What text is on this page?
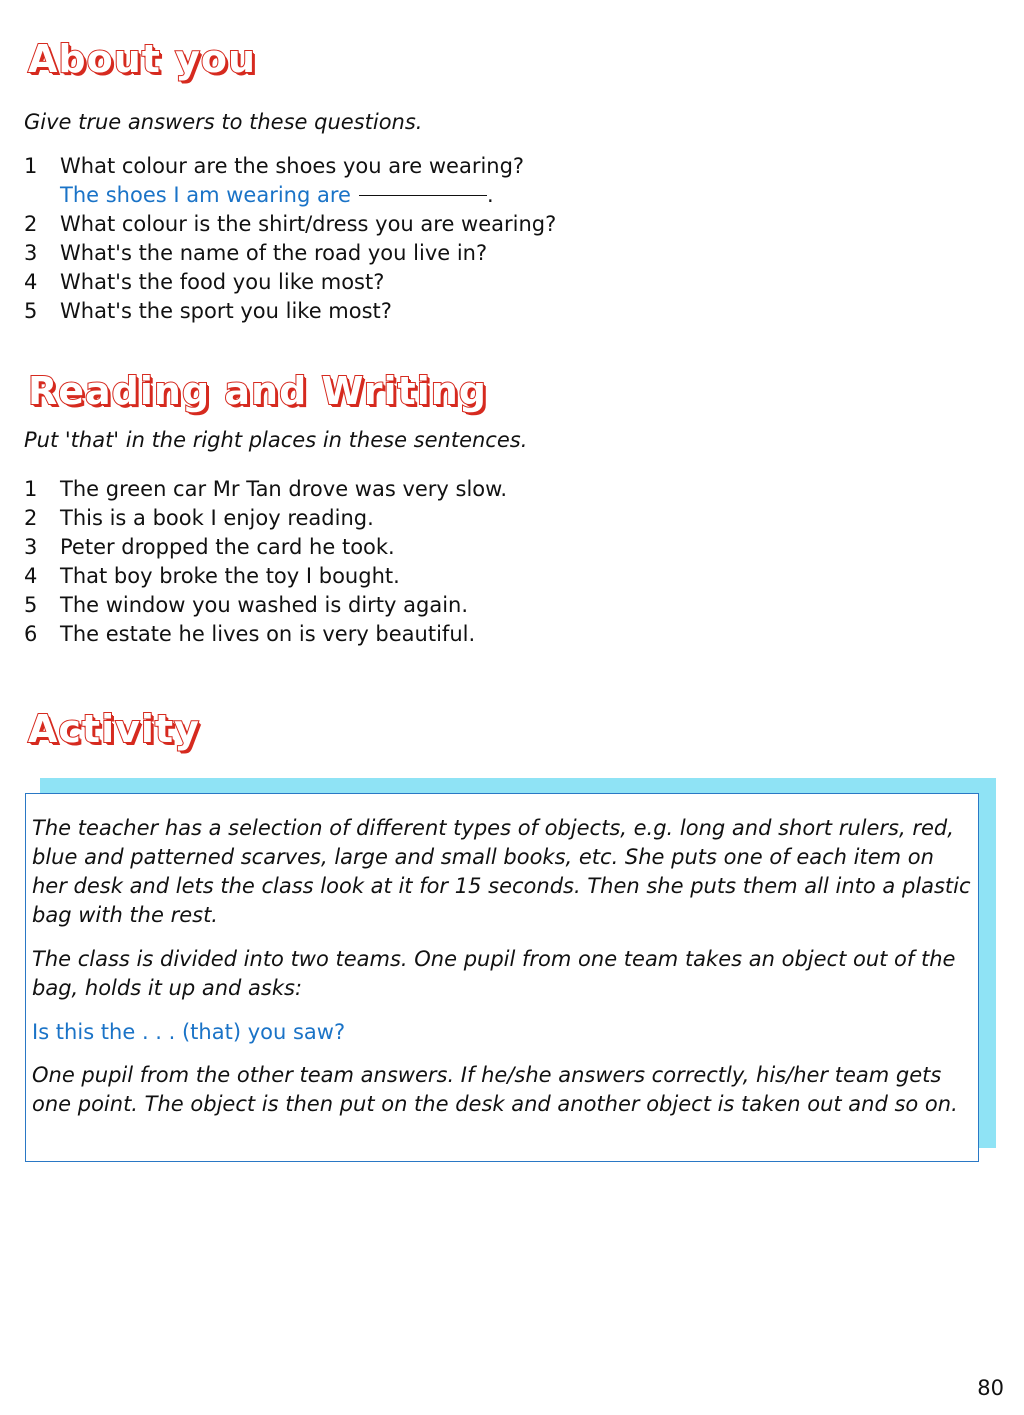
About you
Give true answers to these questions.
1	What colour are the shoes you are wearing?
The shoes I am wearing are	.
2	What colour is the shirt/dress you are wearing?
3	What's the name of the road you live in?
4	What's the food you like most?
5	What's the sport you like most?
Reading and Writing
Put 'that' in the right places in these sentences.
1	The green car Mr Tan drove was very slow.
2	This is a book I enjoy reading.
3	Peter dropped the card he took.
4	That boy broke the toy I bought.
5	The window you washed is dirty again.
6	The estate he lives on is very beautiful.
Activity

The teacher has a selection of different types of objects, e.g. long and short rulers, red, blue and patterned scarves, large and small books, etc. She puts one of each item on her desk and lets the class look at it for 15 seconds. Then she puts them all into a plastic bag with the rest.

The class is divided into two teams. One pupil from one team takes an object out of the bag, holds it up and asks:

Is this the . . . (that) you saw?

One pupil from the other team answers. If he/she answers correctly, his/her team gets one point. The object is then put on the desk and another object is taken out and so on.

80
